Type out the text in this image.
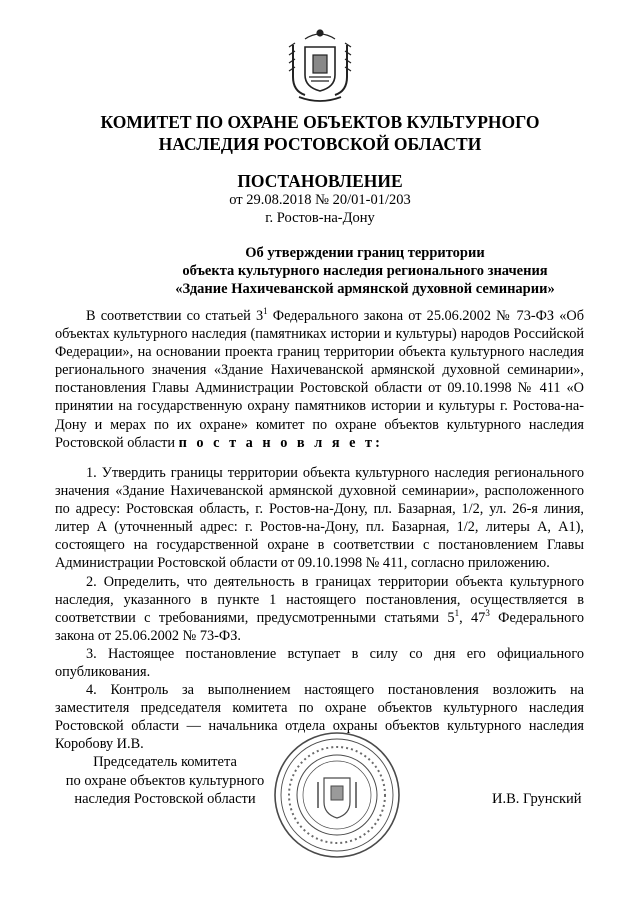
КОМИТЕТ ПО ОХРАНЕ ОБЪЕКТОВ КУЛЬТУРНОГО
НАСЛЕДИЯ РОСТОВСКОЙ ОБЛАСТИ
ПОСТАНОВЛЕНИЕ
от 29.08.2018 № 20/01-01/203
г. Ростов-на-Дону
Об утверждении границ территории
объекта культурного наследия регионального значения
«Здание Нахичеванской армянской духовной семинарии»

В соответствии со статьей $3^1$ Федерального закона от 25.06.2002 № 73-ФЗ «Об объектах культурного наследия (памятниках истории и культуры) народов Российской Федерации», на основании проекта границ территории объекта культурного наследия регионального значения «Здание Нахичеванской армянской духовной семинарии», постановления Главы Администрации Ростовской области от 09.10.1998 № 411 «О принятии на государственную охрану памятников истории и культуры г. Ростова-на-Дону и мерах по их охране» комитет по охране объектов культурного наследия Ростовской области п о с т а н о в л я е т:

1. Утвердить границы территории объекта культурного наследия регионального значения «Здание Нахичеванской армянской духовной семинарии», расположенного по адресу: Ростовская область, г. Ростов-на-Дону, пл. Базарная, 1/2, ул. 26-я линия, литер А (уточненный адрес: г. Ростов-на-Дону, пл. Базарная, 1/2, литеры А, А1), состоящего на государственной охране в соответствии с постановлением Главы Администрации Ростовской области от 09.10.1998 № 411, согласно приложению.

2. Определить, что деятельность в границах территории объекта культурного наследия, указанного в пункте 1 настоящего постановления, осуществляется в соответствии с требованиями, предусмотренными статьями $5^1$, $47^3$ Федерального закона от 25.06.2002 № 73-ФЗ.

3. Настоящее постановление вступает в силу со дня его официального опубликования.

4. Контроль за выполнением настоящего постановления возложить на заместителя председателя комитета по охране объектов культурного наследия Ростовской области — начальника отдела охраны объектов культурного наследия Коробову И.В.

Председатель комитета
по охране объектов культурного
наследия Ростовской области	И.В. Грунский
